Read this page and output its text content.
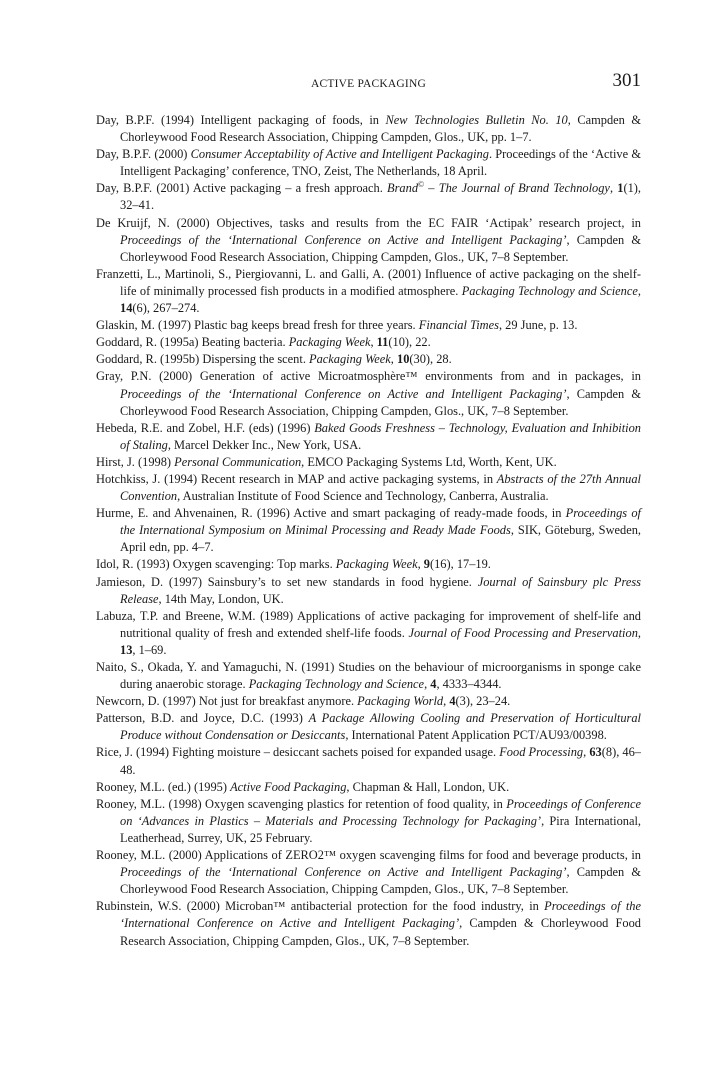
ACTIVE PACKAGING	301
Day, B.P.F. (1994) Intelligent packaging of foods, in New Technologies Bulletin No. 10, Campden & Chorleywood Food Research Association, Chipping Campden, Glos., UK, pp. 1–7.
Day, B.P.F. (2000) Consumer Acceptability of Active and Intelligent Packaging. Proceedings of the ‘Active & Intelligent Packaging’ conference, TNO, Zeist, The Netherlands, 18 April.
Day, B.P.F. (2001) Active packaging – a fresh approach. Brand© – The Journal of Brand Technology, 1(1), 32–41.
De Kruijf, N. (2000) Objectives, tasks and results from the EC FAIR ‘Actipak’ research project, in Proceedings of the ‘International Conference on Active and Intelligent Packaging’, Campden & Chorleywood Food Research Association, Chipping Campden, Glos., UK, 7–8 September.
Franzetti, L., Martinoli, S., Piergiovanni, L. and Galli, A. (2001) Influence of active packaging on the shelf-life of minimally processed fish products in a modified atmosphere. Packaging Technology and Science, 14(6), 267–274.
Glaskin, M. (1997) Plastic bag keeps bread fresh for three years. Financial Times, 29 June, p. 13.
Goddard, R. (1995a) Beating bacteria. Packaging Week, 11(10), 22.
Goddard, R. (1995b) Dispersing the scent. Packaging Week, 10(30), 28.
Gray, P.N. (2000) Generation of active Microatmosphère™ environments from and in packages, in Proceedings of the ‘International Conference on Active and Intelligent Packaging’, Campden & Chorleywood Food Research Association, Chipping Campden, Glos., UK, 7–8 September.
Hebeda, R.E. and Zobel, H.F. (eds) (1996) Baked Goods Freshness – Technology, Evaluation and Inhibition of Staling, Marcel Dekker Inc., New York, USA.
Hirst, J. (1998) Personal Communication, EMCO Packaging Systems Ltd, Worth, Kent, UK.
Hotchkiss, J. (1994) Recent research in MAP and active packaging systems, in Abstracts of the 27th Annual Convention, Australian Institute of Food Science and Technology, Canberra, Australia.
Hurme, E. and Ahvenainen, R. (1996) Active and smart packaging of ready-made foods, in Proceedings of the International Symposium on Minimal Processing and Ready Made Foods, SIK, Göteburg, Sweden, April edn, pp. 4–7.
Idol, R. (1993) Oxygen scavenging: Top marks. Packaging Week, 9(16), 17–19.
Jamieson, D. (1997) Sainsbury’s to set new standards in food hygiene. Journal of Sainsbury plc Press Release, 14th May, London, UK.
Labuza, T.P. and Breene, W.M. (1989) Applications of active packaging for improvement of shelf-life and nutritional quality of fresh and extended shelf-life foods. Journal of Food Processing and Preservation, 13, 1–69.
Naito, S., Okada, Y. and Yamaguchi, N. (1991) Studies on the behaviour of microorganisms in sponge cake during anaerobic storage. Packaging Technology and Science, 4, 4333–4344.
Newcorn, D. (1997) Not just for breakfast anymore. Packaging World, 4(3), 23–24.
Patterson, B.D. and Joyce, D.C. (1993) A Package Allowing Cooling and Preservation of Horticultural Produce without Condensation or Desiccants, International Patent Application PCT/AU93/00398.
Rice, J. (1994) Fighting moisture – desiccant sachets poised for expanded usage. Food Processing, 63(8), 46–48.
Rooney, M.L. (ed.) (1995) Active Food Packaging, Chapman & Hall, London, UK.
Rooney, M.L. (1998) Oxygen scavenging plastics for retention of food quality, in Proceedings of Conference on ‘Advances in Plastics – Materials and Processing Technology for Packaging’, Pira International, Leatherhead, Surrey, UK, 25 February.
Rooney, M.L. (2000) Applications of ZERO2™ oxygen scavenging films for food and beverage products, in Proceedings of the ‘International Conference on Active and Intelligent Packaging’, Campden & Chorleywood Food Research Association, Chipping Campden, Glos., UK, 7–8 September.
Rubinstein, W.S. (2000) Microban™ antibacterial protection for the food industry, in Proceedings of the ‘International Conference on Active and Intelligent Packaging’, Campden & Chorleywood Food Research Association, Chipping Campden, Glos., UK, 7–8 September.
